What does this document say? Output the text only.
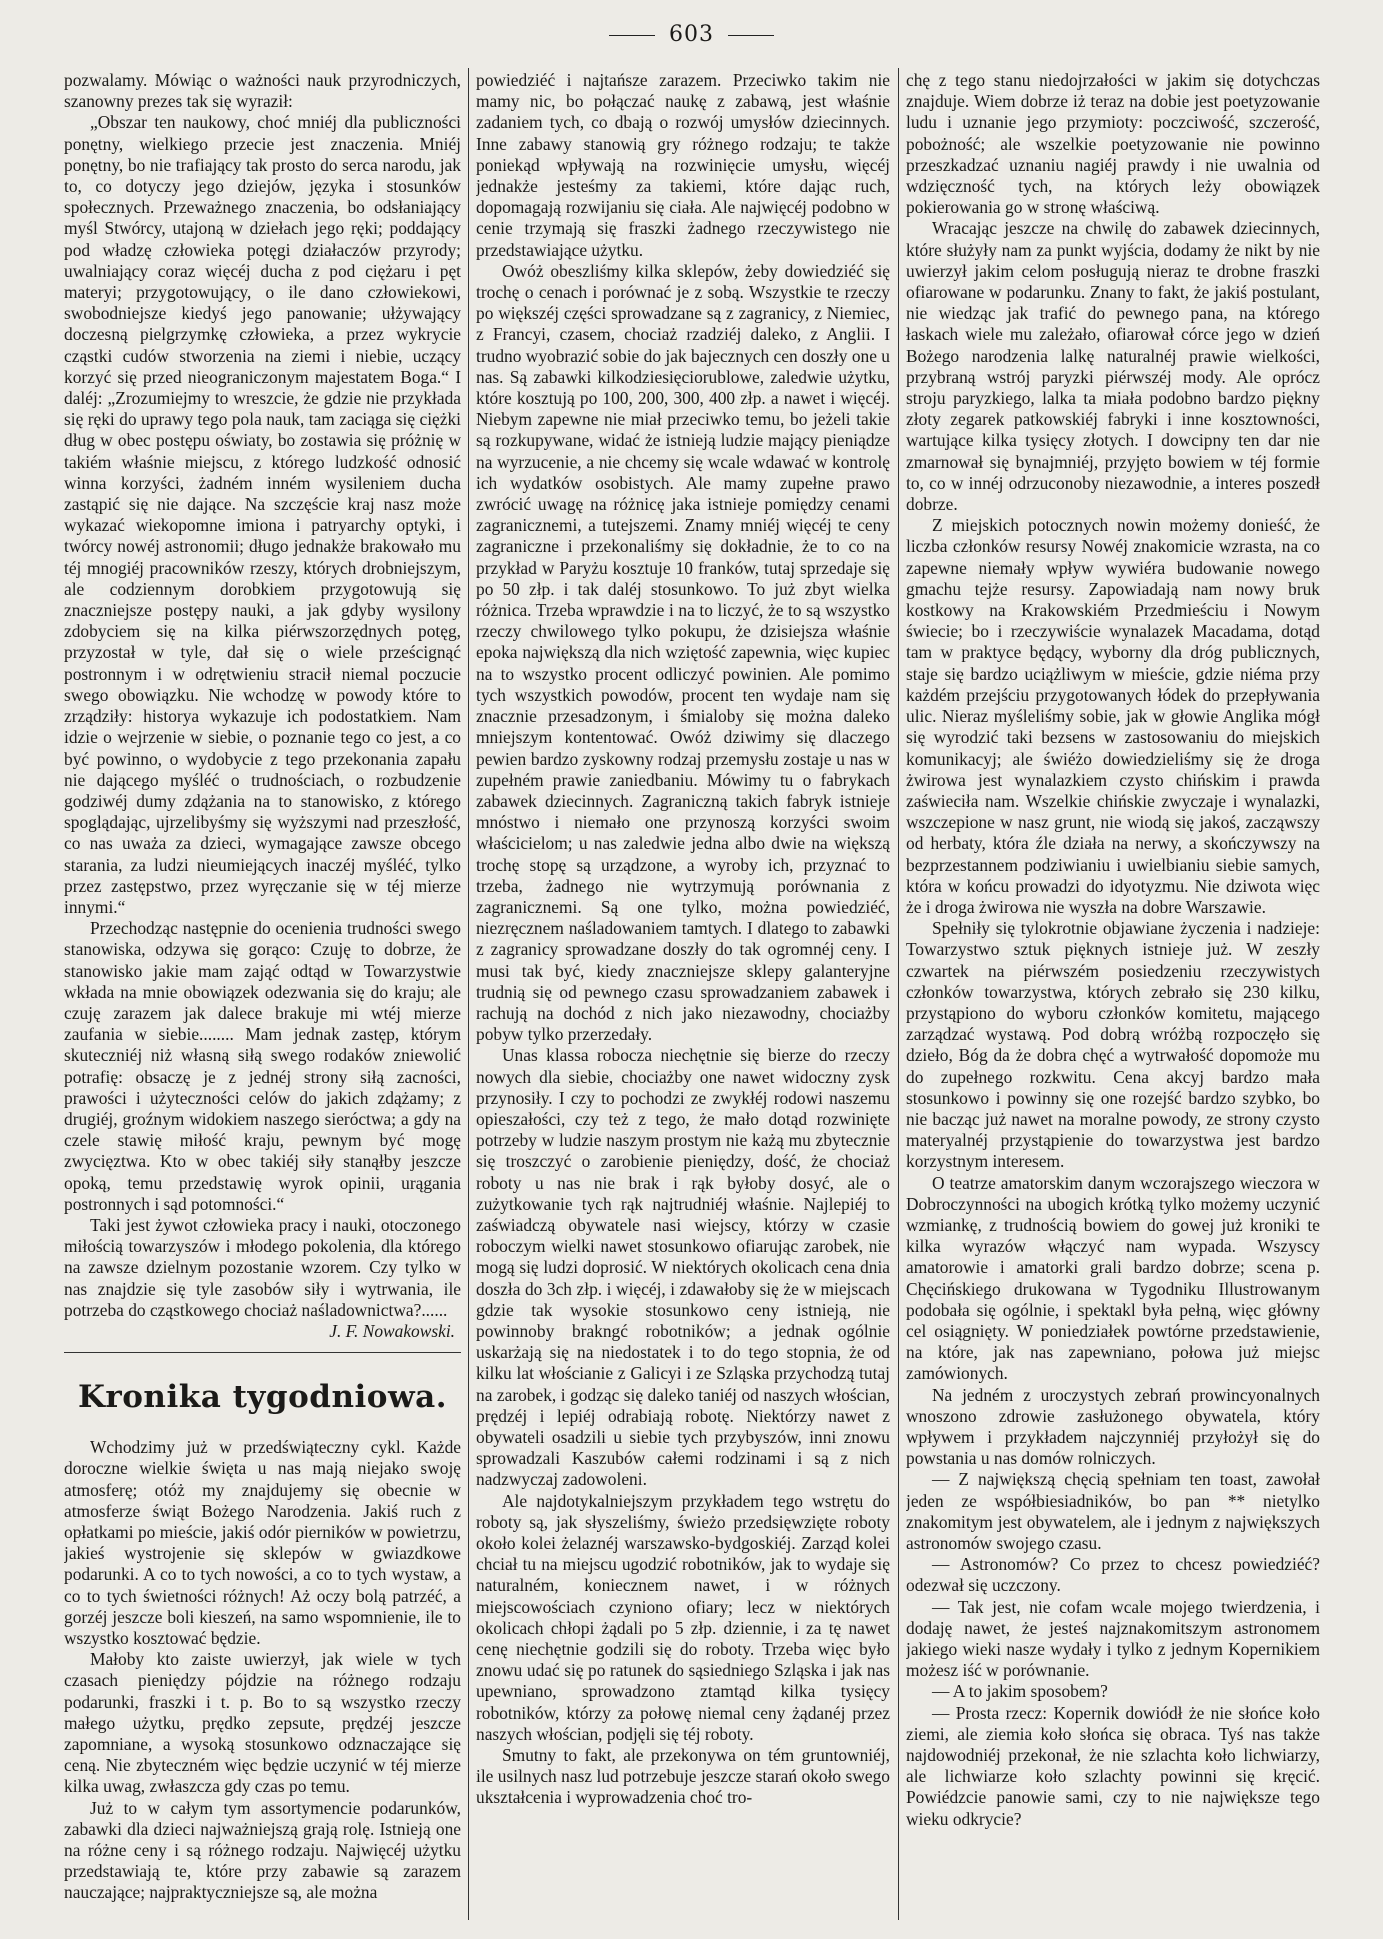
603

pozwalamy. Mówiąc o ważności nauk przyrodniczych, szanowny prezes tak się wyraził:

„Obszar ten naukowy, choć mniéj dla publiczności ponętny, wielkiego przecie jest znaczenia. Mniéj ponętny, bo nie trafiający tak prosto do serca narodu, jak to, co dotyczy jego dziejów, języka i stosunków społecznych. Przeważnego znaczenia, bo odsłaniający myśl Stwórcy, utajoną w dziełach jego ręki; poddający pod władzę człowieka potęgi działaczów przyrody; uwalniający coraz więcéj ducha z pod ciężaru i pęt materyi; przygotowujący, o ile dano człowiekowi, swobodniejsze kiedyś jego panowanie; ułżywający doczesną pielgrzymkę człowieka, a przez wykrycie cząstki cudów stworzenia na ziemi i niebie, uczący korzyć się przed nieograniczonym majestatem Boga.“ I daléj: „Zrozumiejmy to wreszcie, że gdzie nie przykłada się ręki do uprawy tego pola nauk, tam zaciąga się ciężki dług w obec postępu oświaty, bo zostawia się próżnię w takiém właśnie miejscu, z którego ludzkość odnosić winna korzyści, żadném inném wysileniem ducha zastąpić się nie dające. Na szczęście kraj nasz może wykazać wiekopomne imiona i patryarchy optyki, i twórcy nowéj astronomii; długo jednakże brakowało mu téj mnogiéj pracowników rzeszy, których drobniejszym, ale codziennym dorobkiem przygotowują się znaczniejsze postępy nauki, a jak gdyby wysilony zdobyciem się na kilka piérwszorzędnych potęg, przyzostał w tyle, dał się o wiele prześcignąć postronnym i w odrętwieniu stracił niemal poczucie swego obowiązku. Nie wchodzę w powody które to zrządziły: historya wykazuje ich podostatkiem. Nam idzie o wejrzenie w siebie, o poznanie tego co jest, a co być powinno, o wydobycie z tego przekonania zapału nie dającego myśléć o trudnościach, o rozbudzenie godziwéj dumy zdążania na to stanowisko, z którego spoglądając, ujrzelibyśmy się wyższymi nad przeszłość, co nas uważa za dzieci, wymagające zawsze obcego starania, za ludzi nieumiejących inaczéj myśléć, tylko przez zastępstwo, przez wyręczanie się w téj mierze innymi.“

Przechodząc następnie do ocenienia trudności swego stanowiska, odzywa się gorąco: Czuję to dobrze, że stanowisko jakie mam zająć odtąd w Towarzystwie wkłada na mnie obowiązek odezwania się do kraju; ale czuję zarazem jak dalece brakuje mi wtéj mierze zaufania w siebie........ Mam jednak zastęp, którym skuteczniéj niż własną siłą swego rodaków zniewolić potrafię: obsaczę je z jednéj strony siłą zacności, prawości i użyteczności celów do jakich zdążamy; z drugiéj, groźnym widokiem naszego sieróctwa; a gdy na czele stawię miłość kraju, pewnym być mogę zwycięztwa. Kto w obec takiéj siły stanąłby jeszcze opoką, temu przedstawię wyrok opinii, urągania postronnych i sąd potomności.“

Taki jest żywot człowieka pracy i nauki, otoczonego miłością towarzyszów i młodego pokolenia, dla którego na zawsze dzielnym pozostanie wzorem. Czy tylko w nas znajdzie się tyle zasobów siły i wytrwania, ile potrzeba do cząstkowego chociaż naśladownictwa?......

J. F. Nowakowski.
Kronika tygodniowa.

Wchodzimy już w przedświąteczny cykl. Każde doroczne wielkie święta u nas mają niejako swoję atmosferę; otóż my znajdujemy się obecnie w atmosferze świąt Bożego Narodzenia. Jakiś ruch z opłatkami po mieście, jakiś odór pierników w powietrzu, jakieś wystrojenie się sklepów w gwiazdkowe podarunki. A co to tych nowości, a co to tych wystaw, a co to tych świetności różnych! Aż oczy bolą patrzéć, a gorzéj jeszcze boli kieszeń, na samo wspomnienie, ile to wszystko kosztować będzie.

Małoby kto zaiste uwierzył, jak wiele w tych czasach pieniędzy pójdzie na różnego rodzaju podarunki, fraszki i t. p. Bo to są wszystko rzeczy małego użytku, prędko zepsute, prędzéj jeszcze zapomniane, a wysoką stosunkowo odznaczające się ceną. Nie zbyteczném więc będzie uczynić w téj mierze kilka uwag, zwłaszcza gdy czas po temu.

Już to w całym tym assortymencie podarunków, zabawki dla dzieci najważniejszą grają rolę. Istnieją one na różne ceny i są różnego rodzaju. Najwięcéj użytku przedstawiają te, które przy zabawie są zarazem nauczające; najpraktyczniejsze są, ale można

powiedziéć i najtańsze zarazem. Przeciwko takim nie mamy nic, bo połączać naukę z zabawą, jest właśnie zadaniem tych, co dbają o rozwój umysłów dziecinnych. Inne zabawy stanowią gry różnego rodzaju; te także poniekąd wpływają na rozwinięcie umysłu, więcéj jednakże jesteśmy za takiemi, które dając ruch, dopomagają rozwijaniu się ciała. Ale najwięcéj podobno w cenie trzymają się fraszki żadnego rzeczywistego nie przedstawiające użytku.

Owóż obeszliśmy kilka sklepów, żeby dowiedziéć się trochę o cenach i porównać je z sobą. Wszystkie te rzeczy po większéj części sprowadzane są z zagranicy, z Niemiec, z Francyi, czasem, chociaż rzadziéj daleko, z Anglii. I trudno wyobrazić sobie do jak bajecznych cen doszły one u nas. Są zabawki kilkodziesięciorublowe, zaledwie użytku, które kosztują po 100, 200, 300, 400 złp. a nawet i więcéj. Niebym zapewne nie miał przeciwko temu, bo jeżeli takie są rozkupywane, widać że istnieją ludzie mający pieniądze na wyrzucenie, a nie chcemy się wcale wdawać w kontrolę ich wydatków osobistych. Ale mamy zupełne prawo zwrócić uwagę na różnicę jaka istnieje pomiędzy cenami zagranicznemi, a tutejszemi. Znamy mniéj więcéj te ceny zagraniczne i przekonaliśmy się dokładnie, że to co na przykład w Paryżu kosztuje 10 franków, tutaj sprzedaje się po 50 złp. i tak daléj stosunkowo. To już zbyt wielka różnica. Trzeba wprawdzie i na to liczyć, że to są wszystko rzeczy chwilowego tylko pokupu, że dzisiejsza właśnie epoka największą dla nich wziętość zapewnia, więc kupiec na to wszystko procent odliczyć powinien. Ale pomimo tych wszystkich powodów, procent ten wydaje nam się znacznie przesadzonym, i śmialoby się można daleko mniejszym kontentować. Owóż dziwimy się dlaczego pewien bardzo zyskowny rodzaj przemysłu zostaje u nas w zupełném prawie zaniedbaniu. Mówimy tu o fabrykach zabawek dziecinnych. Zagraniczną takich fabryk istnieje mnóstwo i niemało one przynoszą korzyści swoim właścicielom; u nas zaledwie jedna albo dwie na większą trochę stopę są urządzone, a wyroby ich, przyznać to trzeba, żadnego nie wytrzymują porównania z zagranicznemi. Są one tylko, można powiedziéć, niezręcznem naśladowaniem tamtych. I dlatego to zabawki z zagranicy sprowadzane doszły do tak ogromnéj ceny. I musi tak być, kiedy znaczniejsze sklepy galanteryjne trudnią się od pewnego czasu sprowadzaniem zabawek i rachują na dochód z nich jako niezawodny, chociażby pobyw tylko przerzedały.

Unas klassa robocza niechętnie się bierze do rzeczy nowych dla siebie, chociażby one nawet widoczny zysk przynosiły. I czy to pochodzi ze zwykłéj rodowi naszemu opieszałości, czy też z tego, że mało dotąd rozwinięte potrzeby w ludzie naszym prostym nie każą mu zbytecznie się troszczyć o zarobienie pieniędzy, dość, że chociaż roboty u nas nie brak i rąk byłoby dosyć, ale o zużytkowanie tych rąk najtrudniéj właśnie. Najlepiéj to zaświadczą obywatele nasi wiejscy, którzy w czasie roboczym wielki nawet stosunkowo ofiarując zarobek, nie mogą się ludzi doprosić. W niektórych okolicach cena dnia doszła do 3ch złp. i więcéj, i zdawałoby się że w miejscach gdzie tak wysokie stosunkowo ceny istnieją, nie powinnoby brakngć robotników; a jednak ogólnie uskarżają się na niedostatek i to do tego stopnia, że od kilku lat włościanie z Galicyi i ze Szląska przychodzą tutaj na zarobek, i godząc się daleko taniéj od naszych włościan, prędzéj i lepiéj odrabiają robotę. Niektórzy nawet z obywateli osadzili u siebie tych przybyszów, inni znowu sprowadzali Kaszubów całemi rodzinami i są z nich nadzwyczaj zadowoleni.

Ale najdotykalniejszym przykładem tego wstrętu do roboty są, jak słyszeliśmy, świeżo przedsięwzięte roboty około kolei żelaznéj warszawsko-bydgoskiéj. Zarząd kolei chciał tu na miejscu ugodzić robotników, jak to wydaje się naturalném, koniecznem nawet, i w różnych miejscowościach czyniono ofiary; lecz w niektórych okolicach chłopi żądali po 5 złp. dziennie, i za tę nawet cenę niechętnie godzili się do roboty. Trzeba więc było znowu udać się po ratunek do sąsiedniego Szląska i jak nas upewniano, sprowadzono ztamtąd kilka tysięcy robotników, którzy za połowę niemal ceny żądanéj przez naszych włościan, podjęli się téj roboty.

Smutny to fakt, ale przekonywa on tém gruntowniéj, ile usilnych nasz lud potrzebuje jeszcze starań około swego ukształcenia i wyprowadzenia choć tro-

chę z tego stanu niedojrzałości w jakim się dotychczas znajduje. Wiem dobrze iż teraz na dobie jest poetyzowanie ludu i uznanie jego przymioty: poczciwość, szczerość, pobożność; ale wszelkie poetyzowanie nie powinno przeszkadzać uznaniu nagiéj prawdy i nie uwalnia od wdzięczność tych, na których leży obowiązek pokierowania go w stronę właściwą.

Wracając jeszcze na chwilę do zabawek dziecinnych, które służyły nam za punkt wyjścia, dodamy że nikt by nie uwierzył jakim celom posługują nieraz te drobne fraszki ofiarowane w podarunku. Znany to fakt, że jakiś postulant, nie wiedząc jak trafić do pewnego pana, na którego łaskach wiele mu zależało, ofiarował córce jego w dzień Bożego narodzenia lalkę naturalnéj prawie wielkości, przybraną wstrój paryzki piérwszéj mody. Ale oprócz stroju paryzkiego, lalka ta miała podobno bardzo piękny złoty zegarek patkowskiéj fabryki i inne kosztowności, wartujące kilka tysięcy złotych. I dowcipny ten dar nie zmarnował się bynajmniéj, przyjęto bowiem w téj formie to, co w innéj odrzuconoby niezawodnie, a interes poszedł dobrze.

Z miejskich potocznych nowin możemy donieść, że liczba członków resursy Nowéj znakomicie wzrasta, na co zapewne niemały wpływ wywiéra budowanie nowego gmachu tejże resursy. Zapowiadają nam nowy bruk kostkowy na Krakowskiém Przedmieściu i Nowym świecie; bo i rzeczywiście wynalazek Macadama, dotąd tam w praktyce będący, wyborny dla dróg publicznych, staje się bardzo uciążliwym w mieście, gdzie niéma przy każdém przejściu przygotowanych łódek do przepływania ulic. Nieraz myśleliśmy sobie, jak w głowie Anglika mógł się wyrodzić taki bezsens w zastosowaniu do miejskich komunikacyj; ale świéżo dowiedzieliśmy się że droga żwirowa jest wynalazkiem czysto chińskim i prawda zaświeciła nam. Wszelkie chińskie zwyczaje i wynalazki, wszczepione w nasz grunt, nie wiodą się jakoś, zacząwszy od herbaty, która źle działa na nerwy, a skończywszy na bezprzestannem podziwianiu i uwielbianiu siebie samych, która w końcu prowadzi do idyotyzmu. Nie dziwota więc że i droga żwirowa nie wyszła na dobre Warszawie.

Spełniły się tylokrotnie objawiane życzenia i nadzieje: Towarzystwo sztuk pięknych istnieje już. W zeszły czwartek na piérwszém posiedzeniu rzeczywistych członków towarzystwa, których zebrało się 230 kilku, przystąpiono do wyboru członków komitetu, mającego zarządzać wystawą. Pod dobrą wróżbą rozpoczęło się dzieło, Bóg da że dobra chęć a wytrwałość dopomoże mu do zupełnego rozkwitu. Cena akcyj bardzo mała stosunkowo i powinny się one rozejść bardzo szybko, bo nie bacząc już nawet na moralne powody, ze strony czysto materyalnéj przystąpienie do towarzystwa jest bardzo korzystnym interesem.

O teatrze amatorskim danym wczorajszego wieczora w Dobroczynności na ubogich krótką tylko możemy uczynić wzmiankę, z trudnością bowiem do gowej już kroniki te kilka wyrazów włączyć nam wypada. Wszyscy amatorowie i amatorki grali bardzo dobrze; scena p. Chęcińskiego drukowana w Tygodniku Illustrowanym podobała się ogólnie, i spektakl była pełną, więc główny cel osiągnięty. W poniedziałek powtórne przedstawienie, na które, jak nas zapewniano, połowa już miejsc zamówionych.

Na jedném z uroczystych zebrań prowincyonalnych wnoszono zdrowie zasłużonego obywatela, który wpływem i przykładem najczynniéj przyłożył się do powstania u nas domów rolniczych.

— Z największą chęcią spełniam ten toast, zawołał jeden ze współbiesiadników, bo pan ** nietylko znakomitym jest obywatelem, ale i jednym z największych astronomów swojego czasu.

— Astronomów? Co przez to chcesz powiedziéć? odezwał się uczczony.

— Tak jest, nie cofam wcale mojego twierdzenia, i dodaję nawet, że jesteś najznakomitszym astronomem jakiego wieki nasze wydały i tylko z jednym Kopernikiem możesz iść w porównanie.

— A to jakim sposobem?

— Prosta rzecz: Kopernik dowiódł że nie słońce koło ziemi, ale ziemia koło słońca się obraca. Tyś nas także najdowodniéj przekonał, że nie szlachta koło lichwiarzy, ale lichwiarze koło szlachty powinni się kręcić. Powiédzcie panowie sami, czy to nie największe tego wieku odkrycie?
